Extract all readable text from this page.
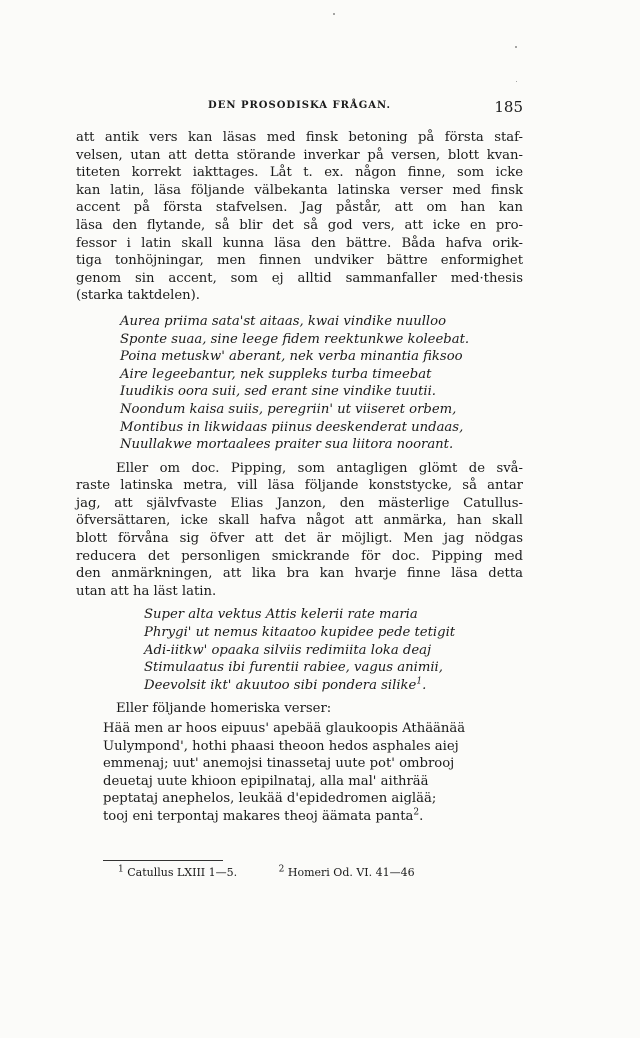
DEN PROSODISKA FRÅGAN.	185

att antik vers kan läsas med finsk betoning på första staf-

velsen, utan att detta störande inverkar på versen, blott kvan-

titeten korrekt iakttages. Låt t. ex. någon finne, som icke

kan latin, läsa följande välbekanta latinska verser med finsk

accent på första stafvelsen. Jag påstår, att om han kan

läsa den flytande, så blir det så god vers, att icke en pro-

fessor i latin skall kunna läsa den bättre. Båda hafva orik-

tiga tonhöjningar, men finnen undviker bättre enformighet

genom sin accent, som ej alltid sammanfaller med·thesis

(starka taktdelen).

Aurea priima sata'st aitaas, kwai vindike nuulloo

Sponte suaa, sine leege fidem reektunkwe koleebat.

Poina metuskw' aberant, nek verba minantia fiksoo

Aire legeebantur, nek suppleks turba timeebat

Iuudikis oora suii, sed erant sine vindike tuutii.

Noondum kaisa suiis, peregriin' ut viiseret orbem,

Montibus in likwidaas piinus deeskenderat undaas,

Nuullakwe mortaalees praiter sua liitora noorant.

Eller om doc. Pipping, som antagligen glömt de svå-

raste latinska metra, vill läsa följande konststycke, så antar

jag, att självfvaste Elias Janzon, den mästerlige Catullus-

öfversättaren, icke skall hafva något att anmärka, han skall

blott förvåna sig öfver att det är möjligt. Men jag nödgas

reducera det personligen smickrande för doc. Pipping med

den anmärkningen, att lika bra kan hvarje finne läsa detta

utan att ha läst latin.

Super alta vektus Attis kelerii rate maria

Phrygi' ut nemus kitaatoo kupidee pede tetigit

Adi-iitkw' opaaka silviis redimiita loka deaj

Stimulaatus ibi furentii rabiee, vagus animii,

Deevolsit ikt' akuutoo sibi pondera silike$^1$.

Eller följande homeriska verser:

Hää men ar hoos eipuus' apebää glaukoopis Athäänää

Uulympond', hothi phaasi theoon hedos asphales aiej

emmenaj; uut' anemojsi tinassetaj uute pot' ombrooj

deuetaj uute khioon epipilnataj, alla mal' aithrää

peptataj anephelos, leukää d'epidedromen aiglää;

tooj eni terpontaj makares theoj äämata panta$^2$.

$^1$ Catullus LXIII 1—5.	$^2$ Homeri Od. VI. 41—46
